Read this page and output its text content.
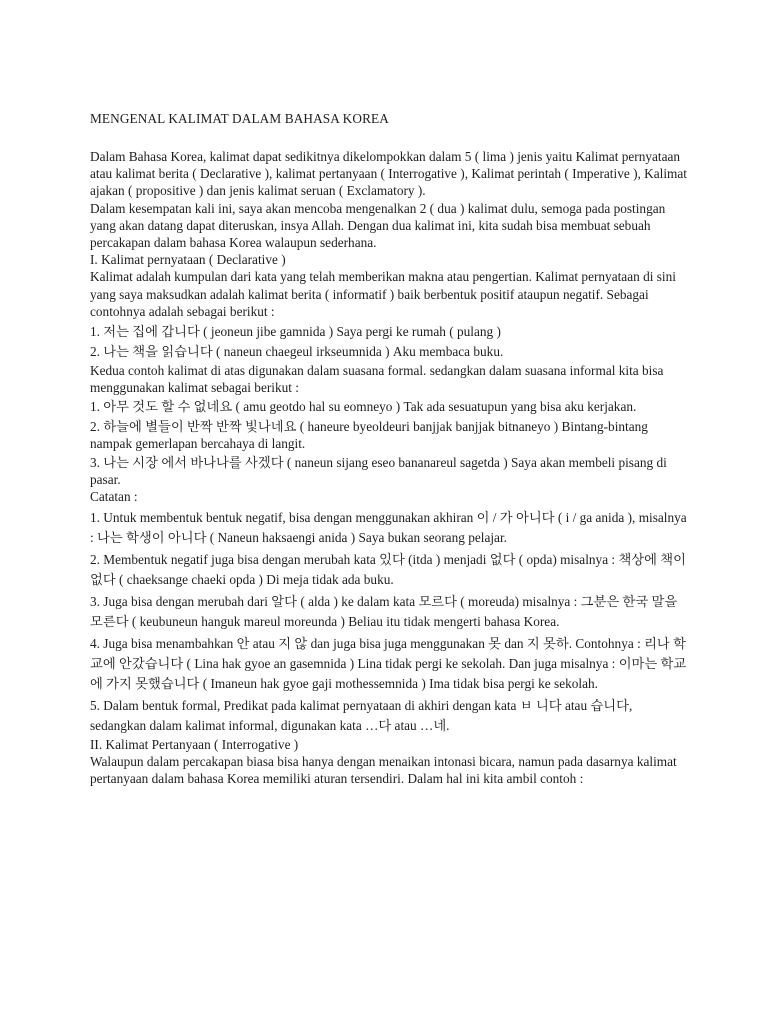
MENGENAL KALIMAT DALAM BAHASA KOREA

Dalam Bahasa Korea, kalimat dapat sedikitnya dikelompokkan dalam 5 ( lima ) jenis yaitu Kalimat pernyataan atau kalimat berita ( Declarative ), kalimat pertanyaan ( Interrogative ), Kalimat perintah ( Imperative ), Kalimat ajakan ( propositive ) dan jenis kalimat seruan ( Exclamatory ).

Dalam kesempatan kali ini, saya akan mencoba mengenalkan 2 ( dua ) kalimat dulu, semoga pada postingan yang akan datang dapat diteruskan, insya Allah. Dengan dua kalimat ini, kita sudah bisa membuat sebuah percakapan dalam bahasa Korea walaupun sederhana.

I. Kalimat pernyataan ( Declarative )

Kalimat adalah kumpulan dari kata yang telah memberikan makna atau pengertian. Kalimat pernyataan di sini yang saya maksudkan adalah kalimat berita ( informatif ) baik berbentuk positif ataupun negatif. Sebagai contohnya adalah sebagai berikut :

1. 저는 집에 갑니다 ( jeoneun jibe gamnida ) Saya pergi ke rumah ( pulang )

2. 나는 책을 읽습니다 ( naneun chaegeul irkseumnida ) Aku membaca buku.

Kedua contoh kalimat di atas digunakan dalam suasana formal. sedangkan dalam suasana informal kita bisa menggunakan kalimat sebagai berikut :

1. 아무 것도 할 수 없네요 ( amu geotdo hal su eomneyo ) Tak ada sesuatupun yang bisa aku kerjakan.

2. 하늘에 별들이 반짝 반짝 빛나네요 ( haneure byeoldeuri banjjak banjjak bitnaneyo ) Bintang-bintang nampak gemerlapan bercahaya di langit.

3. 나는 시장 에서 바나나를 사겠다 ( naneun sijang eseo bananareul sagetda ) Saya akan membeli pisang di pasar.

Catatan :

1. Untuk membentuk bentuk negatif, bisa dengan menggunakan akhiran 이 / 가 아니다 ( i / ga anida ), misalnya : 나는 학생이 아니다 ( Naneun haksaengi anida ) Saya bukan seorang pelajar.

2. Membentuk negatif juga bisa dengan merubah kata 있다 (itda ) menjadi 없다 ( opda) misalnya : 책상에 책이 없다 ( chaeksange chaeki opda ) Di meja tidak ada buku.

3. Juga bisa dengan merubah dari 알다 ( alda ) ke dalam kata 모르다 ( moreuda) misalnya : 그분은 한국 말을 모른다 ( keubuneun hanguk mareul moreunda ) Beliau itu tidak mengerti bahasa Korea.

4. Juga bisa menambahkan 안 atau 지 않 dan juga bisa juga menggunakan 못 dan 지 못하. Contohnya : 리나 학교에 안갔습니다 ( Lina hak gyoe an gasemnida ) Lina tidak pergi ke sekolah. Dan juga misalnya : 이마는 학교에 가지 못했습니다 ( Imaneun hak gyoe gaji mothessemnida ) Ima tidak bisa pergi ke sekolah.

5. Dalam bentuk formal, Predikat pada kalimat pernyataan di akhiri dengan kata ㅂ 니다 atau 습니다, sedangkan dalam kalimat informal, digunakan kata …다 atau …네.

II. Kalimat Pertanyaan ( Interrogative )

Walaupun dalam percakapan biasa bisa hanya dengan menaikan intonasi bicara, namun pada dasarnya kalimat pertanyaan dalam bahasa Korea memiliki aturan tersendiri. Dalam hal ini kita ambil contoh :
